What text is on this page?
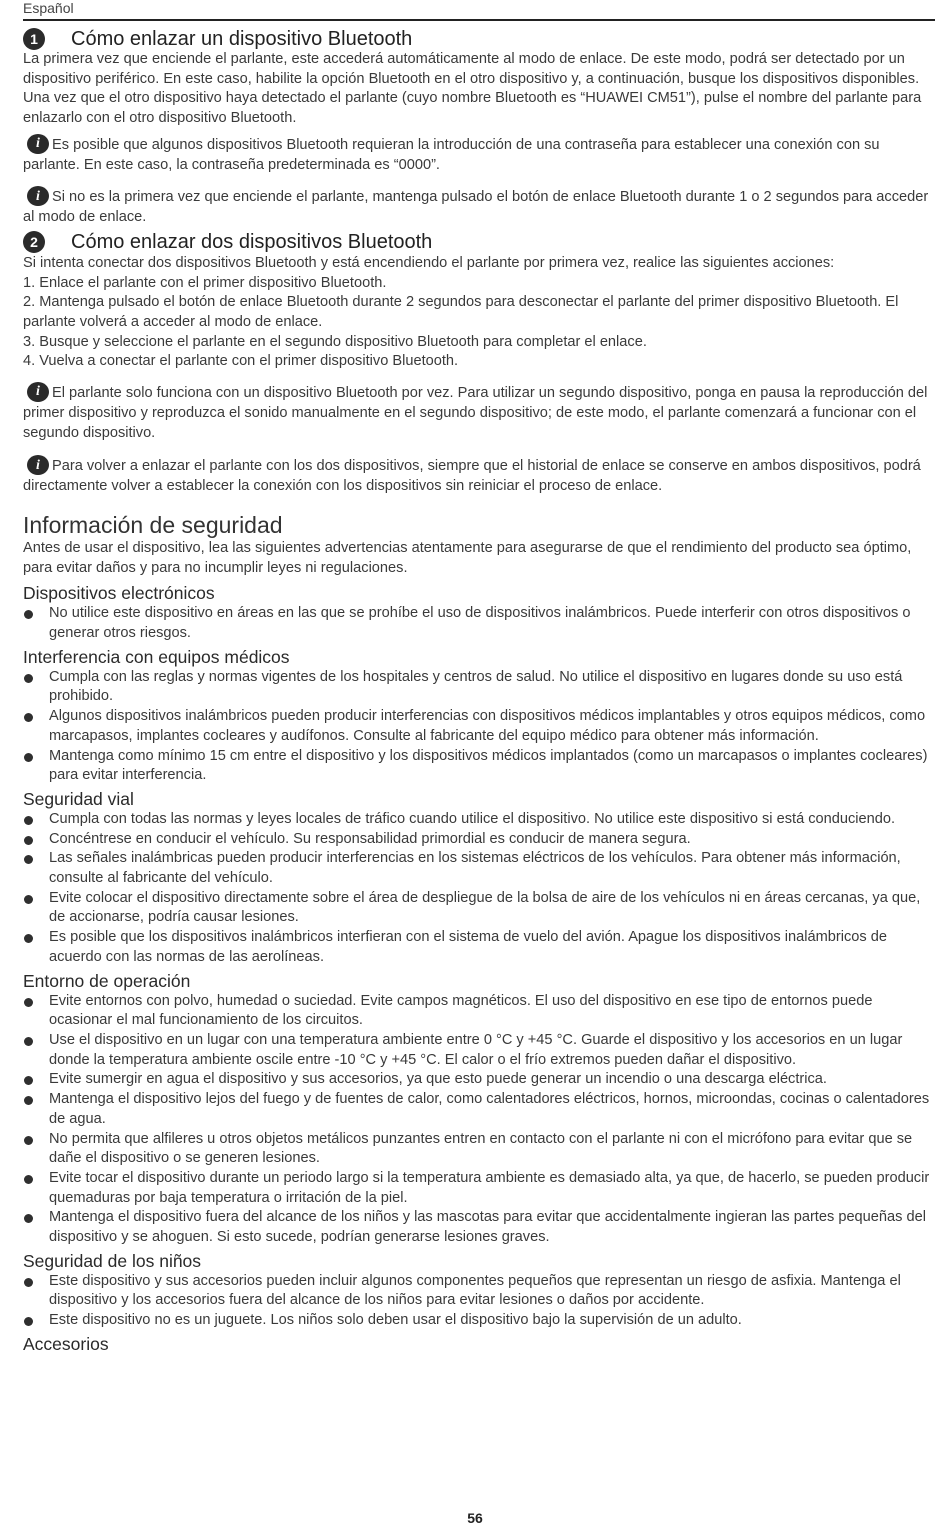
Español
1	Cómo enlazar un dispositivo Bluetooth

La primera vez que enciende el parlante, este accederá automáticamente al modo de enlace. De este modo, podrá ser detectado por un dispositivo periférico. En este caso, habilite la opción Bluetooth en el otro dispositivo y, a continuación, busque los dispositivos disponibles. Una vez que el otro dispositivo haya detectado el parlante (cuyo nombre Bluetooth es “HUAWEI CM51”), pulse el nombre del parlante para enlazarlo con el otro dispositivo Bluetooth.

i Es posible que algunos dispositivos Bluetooth requieran la introducción de una contraseña para establecer una conexión con su parlante. En este caso, la contraseña predeterminada es “0000”.

i Si no es la primera vez que enciende el parlante, mantenga pulsado el botón de enlace Bluetooth durante 1 o 2 segundos para acceder al modo de enlace.

2	Cómo enlazar dos dispositivos Bluetooth

Si intenta conectar dos dispositivos Bluetooth y está encendiendo el parlante por primera vez, realice las siguientes acciones:

1. Enlace el parlante con el primer dispositivo Bluetooth.

2. Mantenga pulsado el botón de enlace Bluetooth durante 2 segundos para desconectar el parlante del primer dispositivo Bluetooth. El parlante volverá a acceder al modo de enlace.

3. Busque y seleccione el parlante en el segundo dispositivo Bluetooth para completar el enlace.

4. Vuelva a conectar el parlante con el primer dispositivo Bluetooth.

i El parlante solo funciona con un dispositivo Bluetooth por vez. Para utilizar un segundo dispositivo, ponga en pausa la reproducción del primer dispositivo y reproduzca el sonido manualmente en el segundo dispositivo; de este modo, el parlante comenzará a funcionar con el segundo dispositivo.

i Para volver a enlazar el parlante con los dos dispositivos, siempre que el historial de enlace se conserve en ambos dispositivos, podrá directamente volver a establecer la conexión con los dispositivos sin reiniciar el proceso de enlace.

Información de seguridad

Antes de usar el dispositivo, lea las siguientes advertencias atentamente para asegurarse de que el rendimiento del producto sea óptimo, para evitar daños y para no incumplir leyes ni regulaciones.

Dispositivos electrónicos
No utilice este dispositivo en áreas en las que se prohíbe el uso de dispositivos inalámbricos. Puede interferir con otros dispositivos o generar otros riesgos.
Interferencia con equipos médicos
Cumpla con las reglas y normas vigentes de los hospitales y centros de salud. No utilice el dispositivo en lugares donde su uso está prohibido.
Algunos dispositivos inalámbricos pueden producir interferencias con dispositivos médicos implantables y otros equipos médicos, como marcapasos, implantes cocleares y audífonos. Consulte al fabricante del equipo médico para obtener más información.
Mantenga como mínimo 15 cm entre el dispositivo y los dispositivos médicos implantados (como un marcapasos o implantes cocleares) para evitar interferencia.
Seguridad vial
Cumpla con todas las normas y leyes locales de tráfico cuando utilice el dispositivo. No utilice este dispositivo si está conduciendo.
Concéntrese en conducir el vehículo. Su responsabilidad primordial es conducir de manera segura.
Las señales inalámbricas pueden producir interferencias en los sistemas eléctricos de los vehículos. Para obtener más información, consulte al fabricante del vehículo.
Evite colocar el dispositivo directamente sobre el área de despliegue de la bolsa de aire de los vehículos ni en áreas cercanas, ya que, de accionarse, podría causar lesiones.
Es posible que los dispositivos inalámbricos interfieran con el sistema de vuelo del avión. Apague los dispositivos inalámbricos de acuerdo con las normas de las aerolíneas.
Entorno de operación
Evite entornos con polvo, humedad o suciedad. Evite campos magnéticos. El uso del dispositivo en ese tipo de entornos puede ocasionar el mal funcionamiento de los circuitos.
Use el dispositivo en un lugar con una temperatura ambiente entre 0 °C y +45 °C. Guarde el dispositivo y los accesorios en un lugar donde la temperatura ambiente oscile entre -10 °C y +45 °C. El calor o el frío extremos pueden dañar el dispositivo.
Evite sumergir en agua el dispositivo y sus accesorios, ya que esto puede generar un incendio o una descarga eléctrica.
Mantenga el dispositivo lejos del fuego y de fuentes de calor, como calentadores eléctricos, hornos, microondas, cocinas o calentadores de agua.
No permita que alfileres u otros objetos metálicos punzantes entren en contacto con el parlante ni con el micrófono para evitar que se dañe el dispositivo o se generen lesiones.
Evite tocar el dispositivo durante un periodo largo si la temperatura ambiente es demasiado alta, ya que, de hacerlo, se pueden producir quemaduras por baja temperatura o irritación de la piel.
Mantenga el dispositivo fuera del alcance de los niños y las mascotas para evitar que accidentalmente ingieran las partes pequeñas del dispositivo y se ahoguen. Si esto sucede, podrían generarse lesiones graves.
Seguridad de los niños
Este dispositivo y sus accesorios pueden incluir algunos componentes pequeños que representan un riesgo de asfixia. Mantenga el dispositivo y los accesorios fuera del alcance de los niños para evitar lesiones o daños por accidente.
Este dispositivo no es un juguete. Los niños solo deben usar el dispositivo bajo la supervisión de un adulto.
Accesorios
56
